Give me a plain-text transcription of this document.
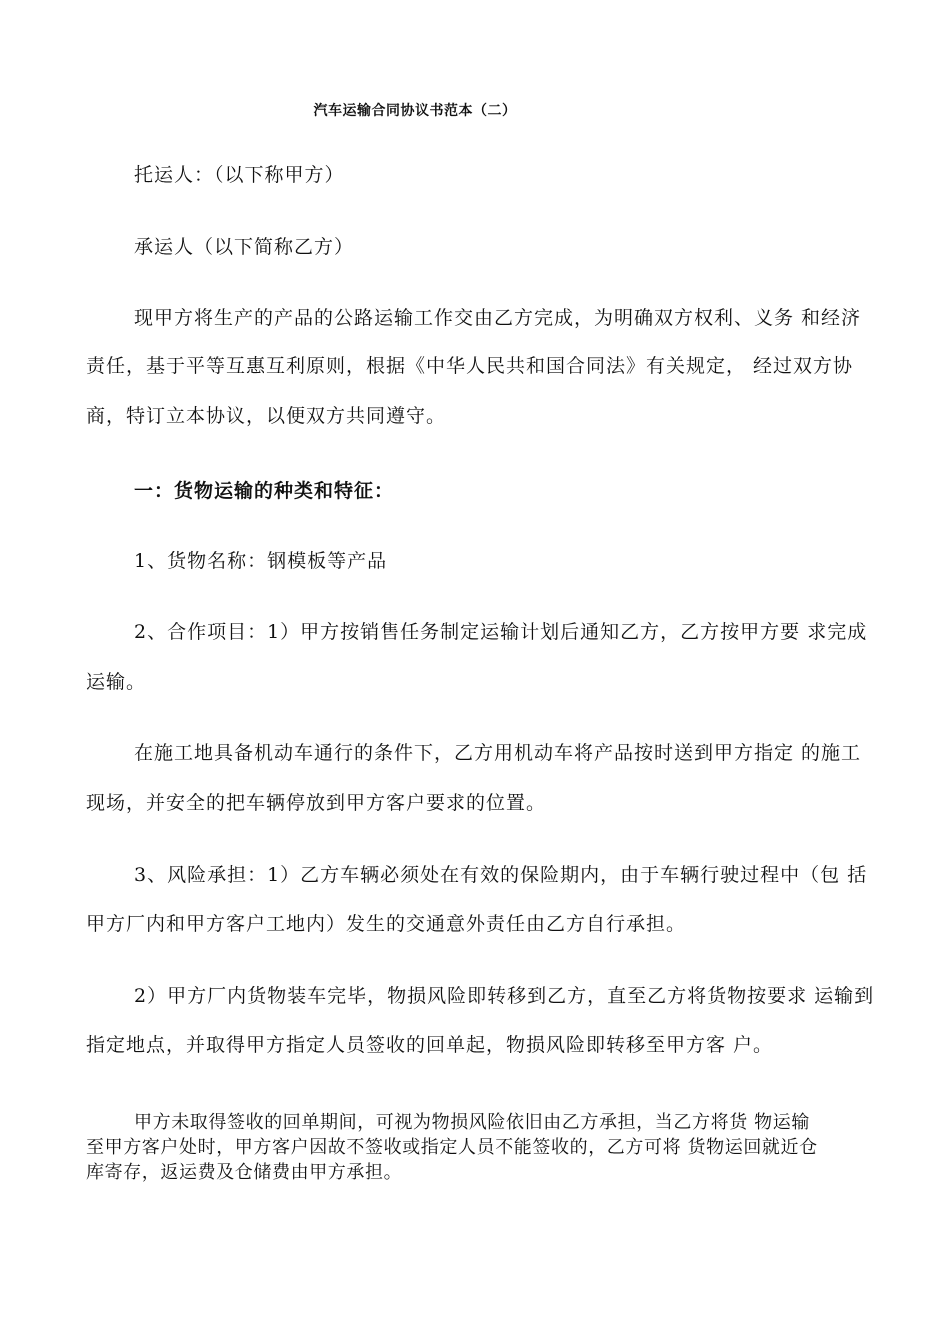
汽车运输合同协议书范本（二）
托运人：（以下称甲方）
承运人（以下简称乙方）
现甲方将生产的产品的公路运输工作交由乙方完成，为明确双方权利、义务 和经济
责任，基于平等互惠互利原则，根据《中华人民共和国合同法》有关规定， 经过双方协
商，特订立本协议，以便双方共同遵守。
一：货物运输的种类和特征：
1、货物名称：钢模板等产品
2、合作项目：1）甲方按销售任务制定运输计划后通知乙方，乙方按甲方要 求完成
运输。
在施工地具备机动车通行的条件下，乙方用机动车将产品按时送到甲方指定 的施工
现场，并安全的把车辆停放到甲方客户要求的位置。
3、风险承担：1）乙方车辆必须处在有效的保险期内，由于车辆行驶过程中（包 括
甲方厂内和甲方客户工地内）发生的交通意外责任由乙方自行承担。
2）甲方厂内货物装车完毕，物损风险即转移到乙方，直至乙方将货物按要求 运输到
指定地点，并取得甲方指定人员签收的回单起，物损风险即转移至甲方客 户。
甲方未取得签收的回单期间，可视为物损风险依旧由乙方承担，当乙方将货 物运输
至甲方客户处时，甲方客户因故不签收或指定人员不能签收的，乙方可将 货物运回就近仓
库寄存，返运费及仓储费由甲方承担。
